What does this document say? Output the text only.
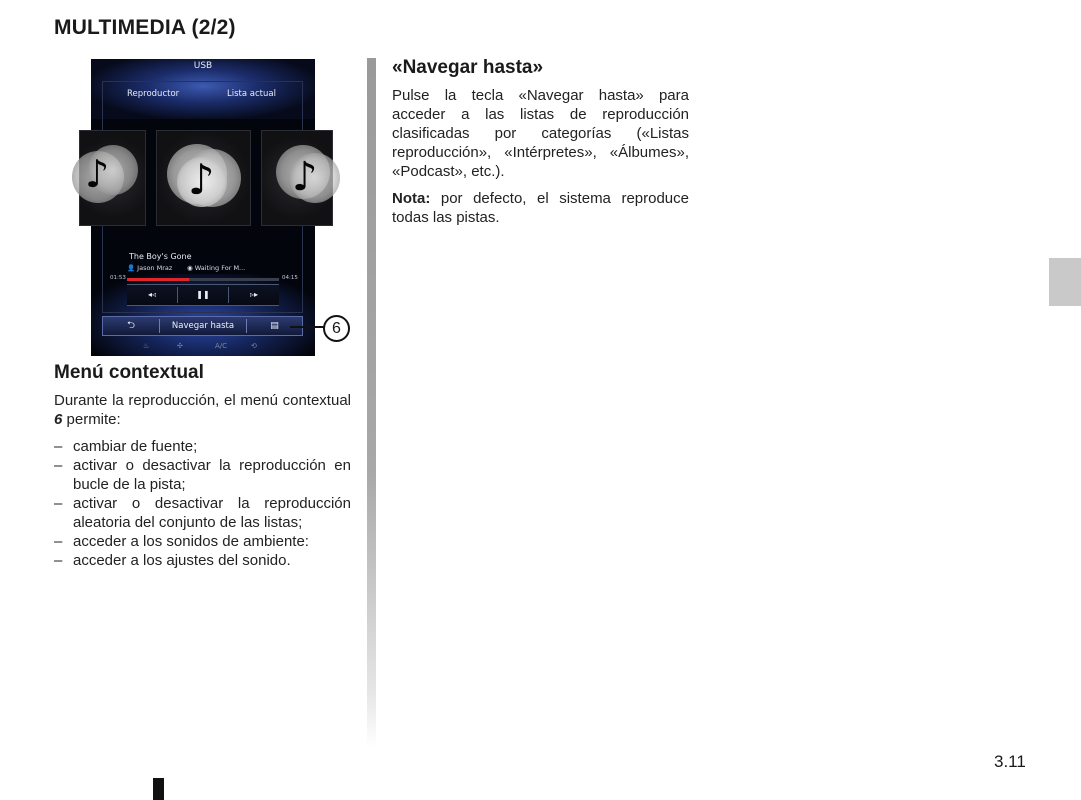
MULTIMEDIA (2/2)
USB
Reproductor	Lista actual
♪ ♪ ♪
The Boy's Gone
👤 Jason Mraz ◉ Waiting For M...
01:53	04:15
◂◃	❚❚	▹▸
⮌	Navegar hasta	▤
♨	✣	A/C	⟲
6
Menú contextual
Durante la reproducción, el menú contextual 6 permite:
– cambiar de fuente;
– activar o desactivar la reproducción en bucle de la pista;
– activar o desactivar la reproducción aleatoria del conjunto de las listas;
– acceder a los sonidos de ambiente:
– acceder a los ajustes del sonido.
«Navegar hasta»
Pulse la tecla «Navegar hasta» para acceder a las listas de reproducción clasificadas por categorías («Listas reproducción», «Intérpretes», «Álbumes», «Podcast», etc.).
Nota: por defecto, el sistema reproduce todas las pistas.
3.11
